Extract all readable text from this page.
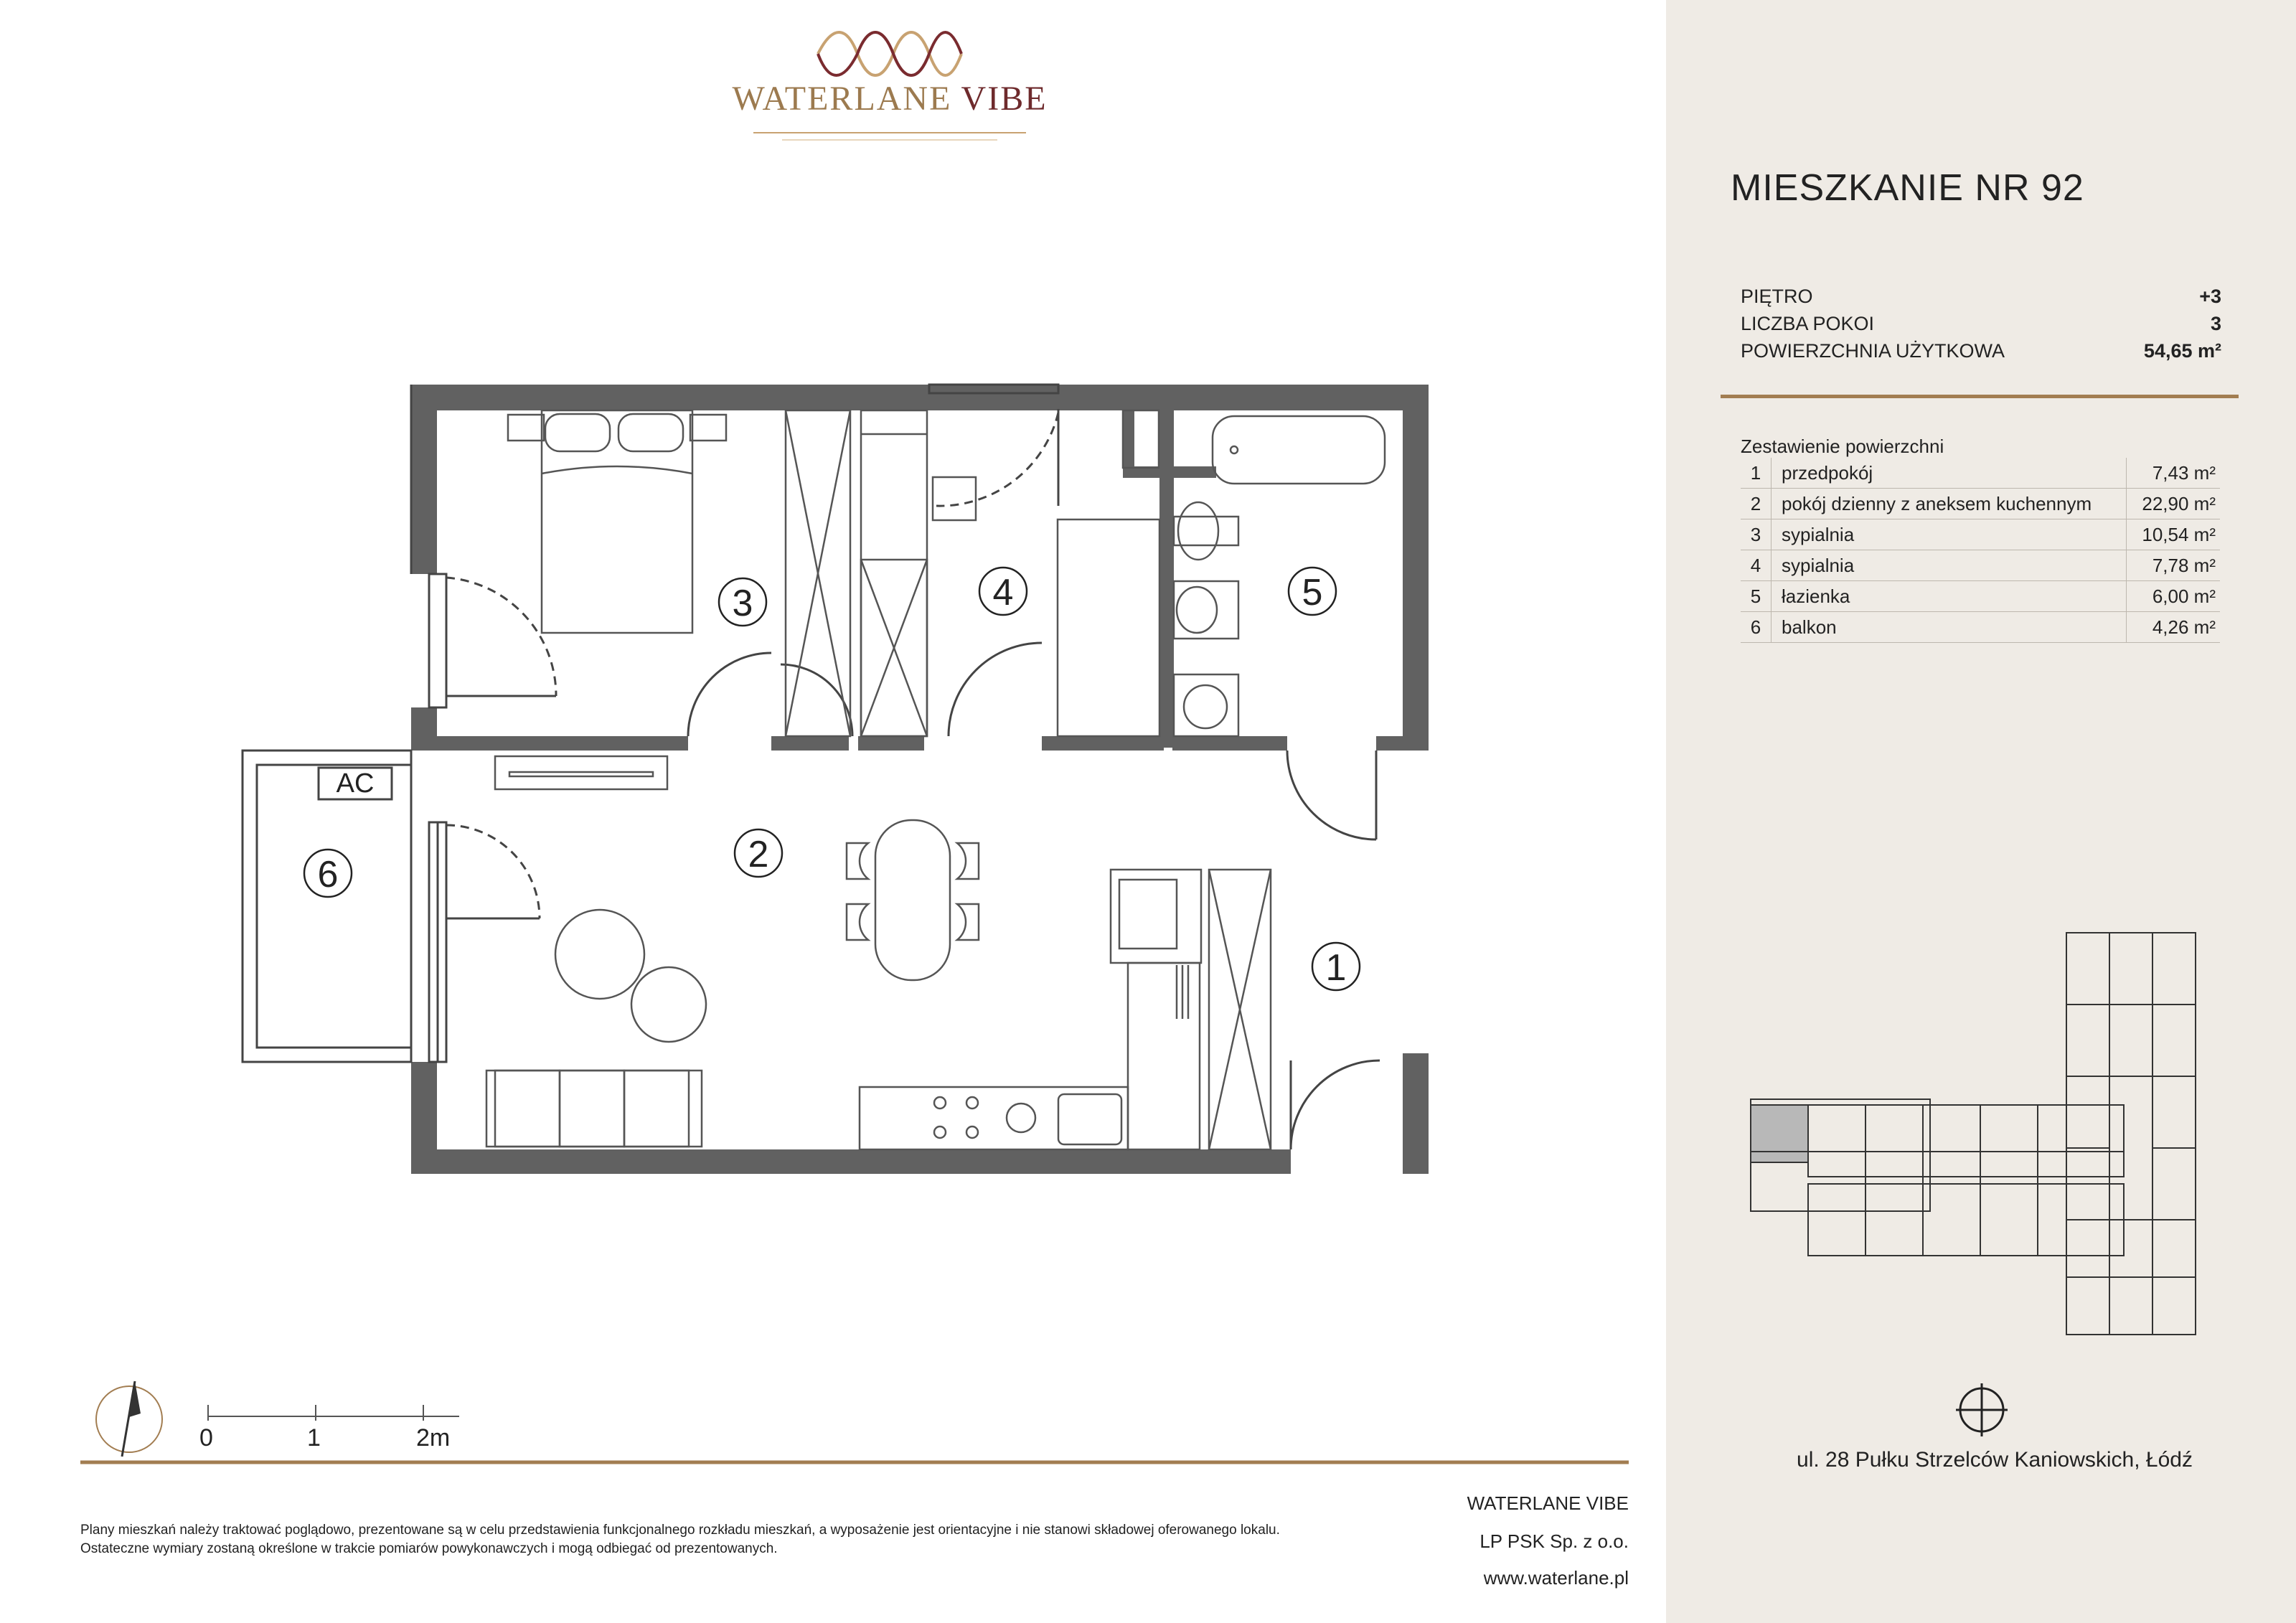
WATERLANE VIBE
3	4	5
2
1
6
AC
0	1	2m
MIESZKANIE NR 92
PIĘTRO	+3
LICZBA POKOI	3
POWIERZCHNIA UŻYTKOWA	54,65 m²
Zestawienie powierzchni
1	przedpokój	7,43 m²
2	pokój dzienny z aneksem kuchennym	22,90 m²
3	sypialnia	10,54 m²
4	sypialnia	7,78 m²
5	łazienka	6,00 m²
6	balkon	4,26 m²
ul. 28 Pułku Strzelców Kaniowskich, Łódź
Plany mieszkań należy traktować poglądowo, prezentowane są w celu przedstawienia funkcjonalnego rozkładu mieszkań, a wyposażenie jest orientacyjne i nie stanowi składowej oferowanego lokalu.
Ostateczne wymiary zostaną określone w trakcie pomiarów powykonawczych i mogą odbiegać od prezentowanych.
WATERLANE VIBE
LP PSK Sp. z o.o.
www.waterlane.pl
